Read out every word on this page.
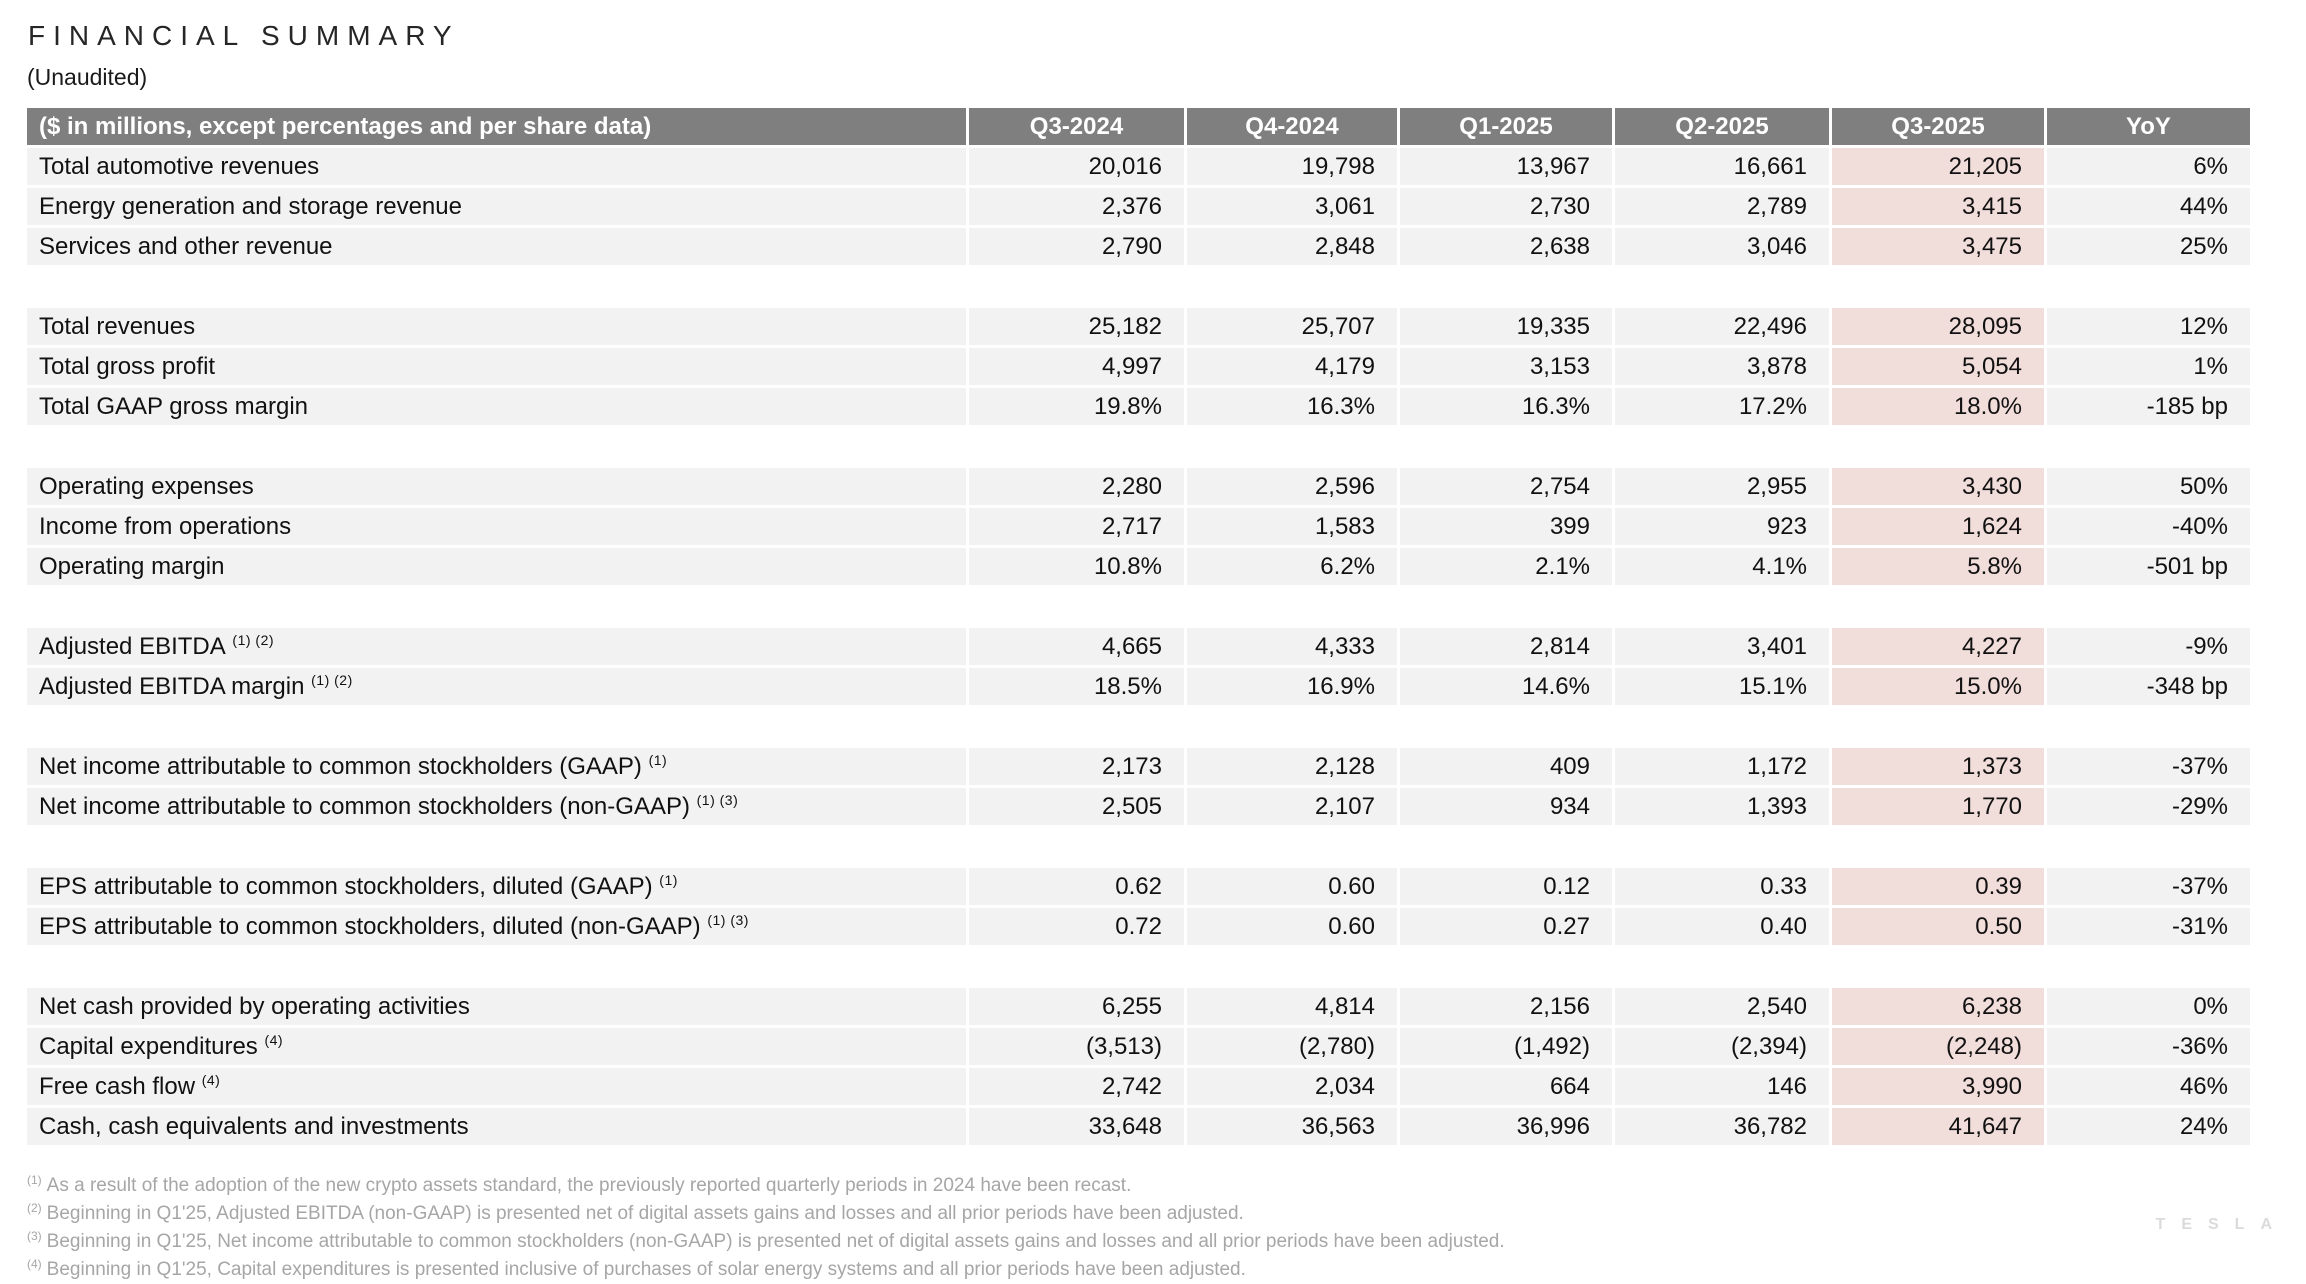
FINANCIAL SUMMARY
(Unaudited)
($ in millions, except percentages and per share data)	Q3-2024	Q4-2024	Q1-2025	Q2-2025	Q3-2025	YoY
Total automotive revenues	20,016	19,798	13,967	16,661	21,205	6%
Energy generation and storage revenue	2,376	3,061	2,730	2,789	3,415	44%
Services and other revenue	2,790	2,848	2,638	3,046	3,475	25%

Total revenues	25,182	25,707	19,335	22,496	28,095	12%
Total gross profit	4,997	4,179	3,153	3,878	5,054	1%
Total GAAP gross margin	19.8%	16.3%	16.3%	17.2%	18.0%	-185 bp

Operating expenses	2,280	2,596	2,754	2,955	3,430	50%
Income from operations	2,717	1,583	399	923	1,624	-40%
Operating margin	10.8%	6.2%	2.1%	4.1%	5.8%	-501 bp

Adjusted EBITDA $^{(1) (2)}$	4,665	4,333	2,814	3,401	4,227	-9%
Adjusted EBITDA margin $^{(1) (2)}$	18.5%	16.9%	14.6%	15.1%	15.0%	-348 bp

Net income attributable to common stockholders (GAAP) $^{(1)}$	2,173	2,128	409	1,172	1,373	-37%
Net income attributable to common stockholders (non-GAAP) $^{(1) (3)}$	2,505	2,107	934	1,393	1,770	-29%

EPS attributable to common stockholders, diluted (GAAP) $^{(1)}$	0.62	0.60	0.12	0.33	0.39	-37%
EPS attributable to common stockholders, diluted (non-GAAP) $^{(1) (3)}$	0.72	0.60	0.27	0.40	0.50	-31%

Net cash provided by operating activities	6,255	4,814	2,156	2,540	6,238	0%
Capital expenditures $^{(4)}$	(3,513)	(2,780)	(1,492)	(2,394)	(2,248)	-36%
Free cash flow $^{(4)}$	2,742	2,034	664	146	3,990	46%
Cash, cash equivalents and investments	33,648	36,563	36,996	36,782	41,647	24%
$^{(1)}$ As a result of the adoption of the new crypto assets standard, the previously reported quarterly periods in 2024 have been recast.
$^{(2)}$ Beginning in Q1'25, Adjusted EBITDA (non-GAAP) is presented net of digital assets gains and losses and all prior periods have been adjusted.
$^{(3)}$ Beginning in Q1'25, Net income attributable to common stockholders (non-GAAP) is presented net of digital assets gains and losses and all prior periods have been adjusted.
$^{(4)}$ Beginning in Q1'25, Capital expenditures is presented inclusive of purchases of solar energy systems and all prior periods have been adjusted.
TESLA
